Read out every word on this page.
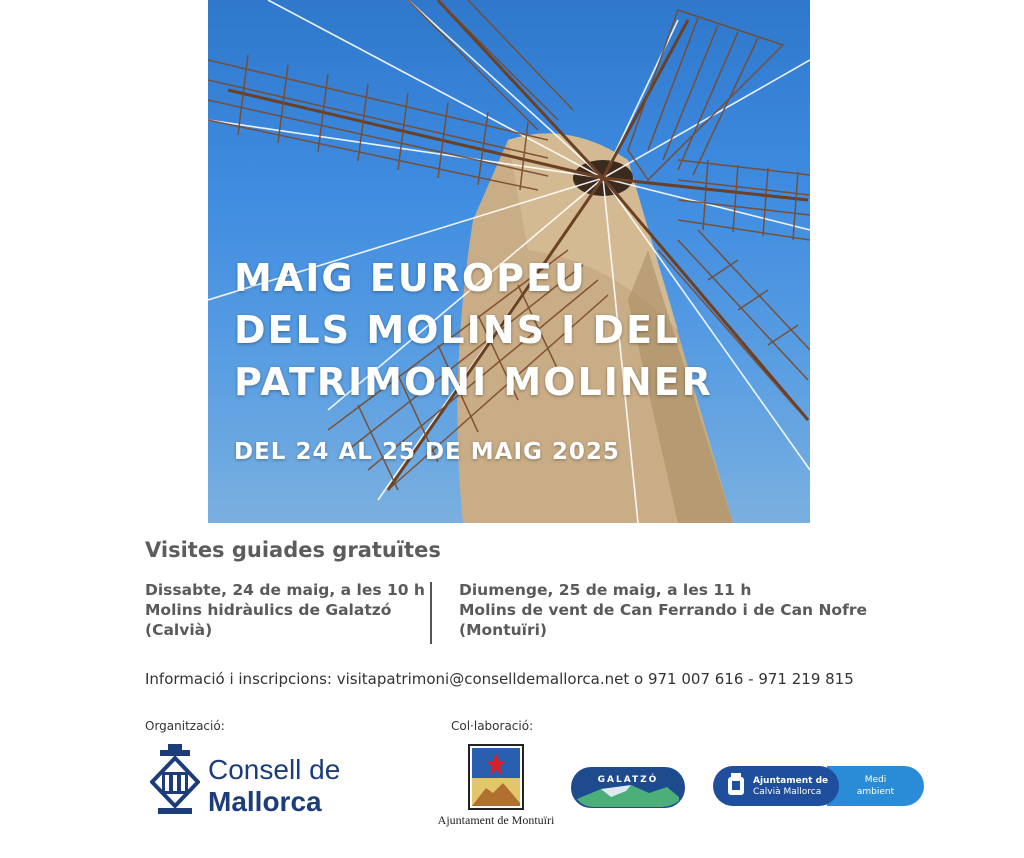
MAIG EUROPEU
DELS MOLINS I DEL
PATRIMONI MOLINER
DEL 24 AL 25 DE MAIG 2025
Visites guiades gratuïtes
Dissabte, 24 de maig, a les 10 h
Molins hidràulics de Galatzó
(Calvià)
Diumenge, 25 de maig, a les 11 h
Molins de vent de Can Ferrando i de Can Nofre
(Montuïri)
Informació i inscripcions: visitapatrimoni@conselldemallorca.net o 971 007 616 - 971 219 815
Organització:	Col·laboració:
Consell de
Mallorca
Ajuntament de Montuïri
GALATZÓ	Medi
ambient
Ajuntament de
Calvià Mallorca
